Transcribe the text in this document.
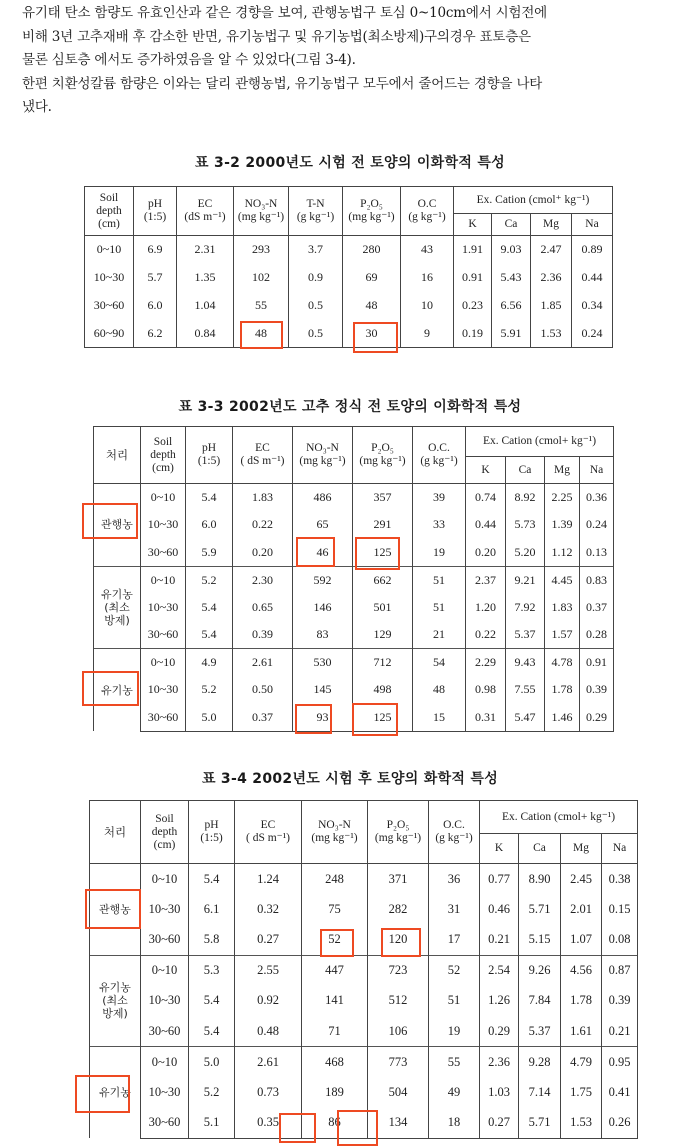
유기태 탄소 함량도 유효인산과 같은 경향을 보여, 관행농법구 토심 0~10cm에서 시험전에

비해 3년 고추재배 후 감소한 반면, 유기농법구 및 유기농법(최소방제)구의경우 표토층은

물론 심토층 에서도 증가하였음을 알 수 있었다(그림 3-4).

한편 치환성칼륨 함량은 이와는 달리 관행농법, 유기농법구 모두에서 줄어드는 경향을 나타

냈다.

표 3-2 2000년도 시험 전 토양의 이화학적 특성
Soil
depth
(cm)

pH
(1:5)

EC
(dS m⁻¹)

NO₃-N
(mg kg⁻¹)

T-N
(g kg⁻¹)

P₂O₅
(mg kg⁻¹)

O.C
(g kg⁻¹)
	Ex. Cation (cmol⁺ kg⁻¹)
							K	Ca	Mg	Na
0~10	6.9	2.31	293	3.7	280	43	1.91	9.03	2.47	0.89
10~30	5.7	1.35	102	0.9	69	16	0.91	5.43	2.36	0.44
30~60	6.0	1.04	55	0.5	48	10	0.23	6.56	1.85	0.34
60~90	6.2	0.84	48	0.5	30	9	0.19	5.91	1.53	0.24
표 3-3 2002년도 고추 정식 전 토양의 이화학적 특성
처리	
Soil
depth
(cm)

pH
(1:5)

EC
( dS m⁻¹)

NO₃-N
(mg kg⁻¹)

P₂O₅
(mg kg⁻¹)

O.C.
(g kg⁻¹)
	Ex. Cation (cmol+ kg⁻¹)
							K	Ca	Mg	Na

관행농	0~10	5.4	1.83	486	357	39	0.74	8.92	2.25	0.36
	10~30	6.0	0.22	65	291	33	0.44	5.73	1.39	0.24
	30~60	5.9	0.20	46	125	19	0.20	5.20	1.12	0.13

유기농
(최소
방제)	0~10	5.2	2.30	592	662	51	2.37	9.21	4.45	0.83
	10~30	5.4	0.65	146	501	51	1.20	7.92	1.83	0.37
	30~60	5.4	0.39	83	129	21	0.22	5.37	1.57	0.28

유기농	0~10	4.9	2.61	530	712	54	2.29	9.43	4.78	0.91
	10~30	5.2	0.50	145	498	48	0.98	7.55	1.78	0.39
	30~60	5.0	0.37	93	125	15	0.31	5.47	1.46	0.29
표 3-4 2002년도 시험 후 토양의 화학적 특성
처리	
Soil
depth
(cm)

pH
(1:5)

EC
( dS m⁻¹)

NO₃-N
(mg kg⁻¹)

P₂O₅
(mg kg⁻¹)

O.C.
(g kg⁻¹)
	Ex. Cation (cmol+ kg⁻¹)
							K	Ca	Mg	Na

관행농	0~10	5.4	1.24	248	371	36	0.77	8.90	2.45	0.38
	10~30	6.1	0.32	75	282	31	0.46	5.71	2.01	0.15
	30~60	5.8	0.27	52	120	17	0.21	5.15	1.07	0.08

유기농
(최소
방제)	0~10	5.3	2.55	447	723	52	2.54	9.26	4.56	0.87
	10~30	5.4	0.92	141	512	51	1.26	7.84	1.78	0.39
	30~60	5.4	0.48	71	106	19	0.29	5.37	1.61	0.21

유기농	0~10	5.0	2.61	468	773	55	2.36	9.28	4.79	0.95
	10~30	5.2	0.73	189	504	49	1.03	7.14	1.75	0.41
	30~60	5.1	0.35	86	134	18	0.27	5.71	1.53	0.26
